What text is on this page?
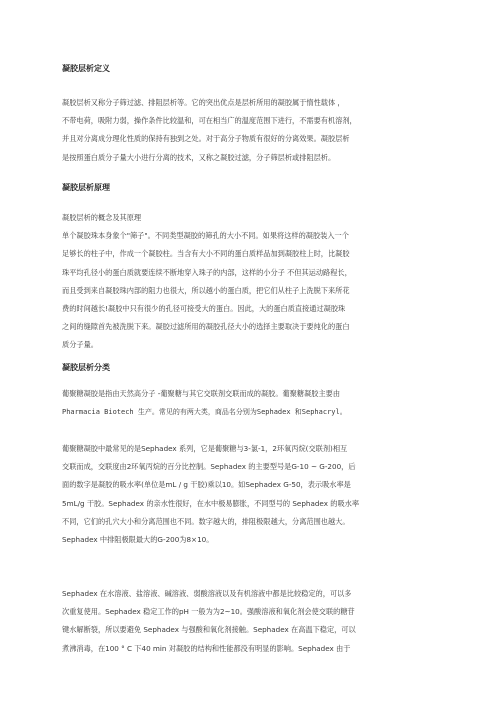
凝胶层析定义
凝胶层析又称分子筛过滤、排阻层析等。它的突出优点是层析所用的凝胶属于惰性载体 ，
不带电荷，吸附力弱，操作条件比较温和，可在相当广的温度范围下进行，不需要有机溶剂，
并且对分离成分理化性质的保持有独到之处。对于高分子物质有很好的分离效果。凝胶层析
是按照蛋白质分子量大小进行分离的技术，又称之凝胶过滤，分子筛层析或排阻层析。
凝胶层析原理
凝胶层析的概念及其原理
单个凝胶珠本身象个"筛子"。不同类型凝胶的筛孔的大小不同。如果将这样的凝胶装入一个
足够长的柱子中，作成一个凝胶柱。当含有大小不同的蛋白质样品加到凝胶柱上时，比凝胶
珠平均孔径小的蛋白质就要连续不断地穿入珠子的内部，这样的小分子 不但其运动路程长，
而且受到来自凝胶珠内部的阻力也很大，所以越小的蛋白质，把它们从柱子上洗脱下来所花
费的时间越长!凝胶中只有很少的孔径可接受大的蛋白。因此，大的蛋白质直接通过凝胶珠
之间的缝隙首先被洗脱下来。凝胶过滤所用的凝胶孔径大小的选择主要取决于要纯化的蛋白
质分子量。
凝胶层析分类
葡聚糖凝胶是指由天然高分子 -葡聚糖与其它交联剂交联而成的凝胶。葡聚糖凝胶主要由
Pharmacia Biotech 生产。常见的有两大类，商品名分别为Sephadex 和Sephacryl。
葡聚糖凝胶中最常见的是Sephadex 系列，它是葡聚糖与3-氯-1，2环氧丙烷(交联剂)相互
交联而成，交联度由2环氧丙烷的百分比控制。Sephadex 的主要型号是G-10 ~ G-200，后
面的数字是凝胶的吸水率(单位是mL / g 干胶)乘以10。如Sephadex G-50，表示吸水率是
5mL/g 干胶。Sephadex 的亲水性很好，在水中极易膨胀，不同型号的 Sephadex 的吸水率
不同，它们的孔穴大小和分离范围也不同。数字越大的，排阻极限越大，分离范围也越大。
Sephadex 中排阻极限最大的G-200为8×10。
Sephadex 在水溶液、盐溶液、碱溶液、弱酸溶液以及有机溶液中都是比较稳定的，可以多
次重复使用。Sephadex 稳定工作的pH 一般为为2~10。强酸溶液和氧化剂会使交联的糖苷
键水解断裂，所以要避免 Sephadex 与强酸和氧化剂接触。Sephadex 在高温下稳定，可以
煮沸消毒，在100 ° C 下40 min 对凝胶的结构和性能都没有明显的影响。Sephadex 由于
